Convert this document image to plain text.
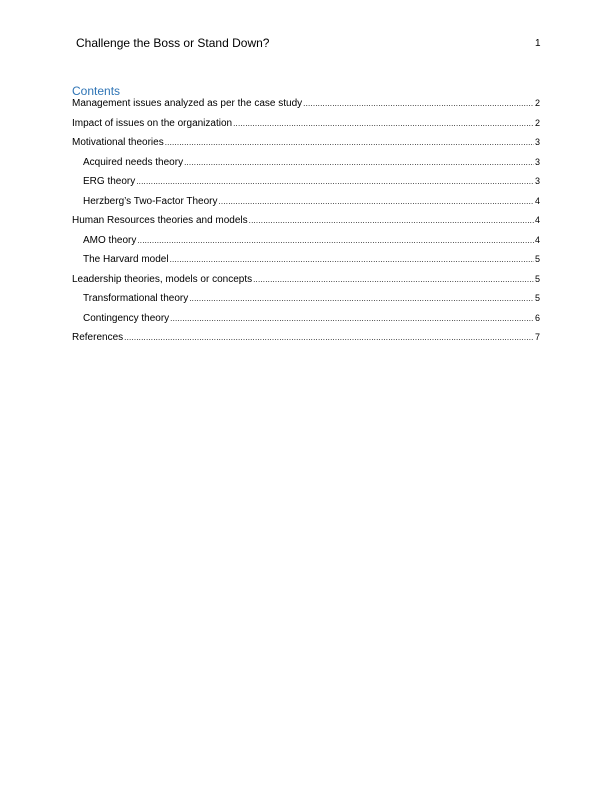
Challenge the Boss or Stand Down?	1
Contents
Management issues analyzed as per the case study .....	2
Impact of issues on the organization .....	2
Motivational theories .....	3
Acquired needs theory .....	3
ERG theory .....	3
Herzberg’s Two-Factor Theory .....	4
Human Resources theories and models .....	4
AMO theory .....	4
The Harvard model .....	5
Leadership theories, models or concepts .....	5
Transformational theory .....	5
Contingency theory .....	6
References .....	7
